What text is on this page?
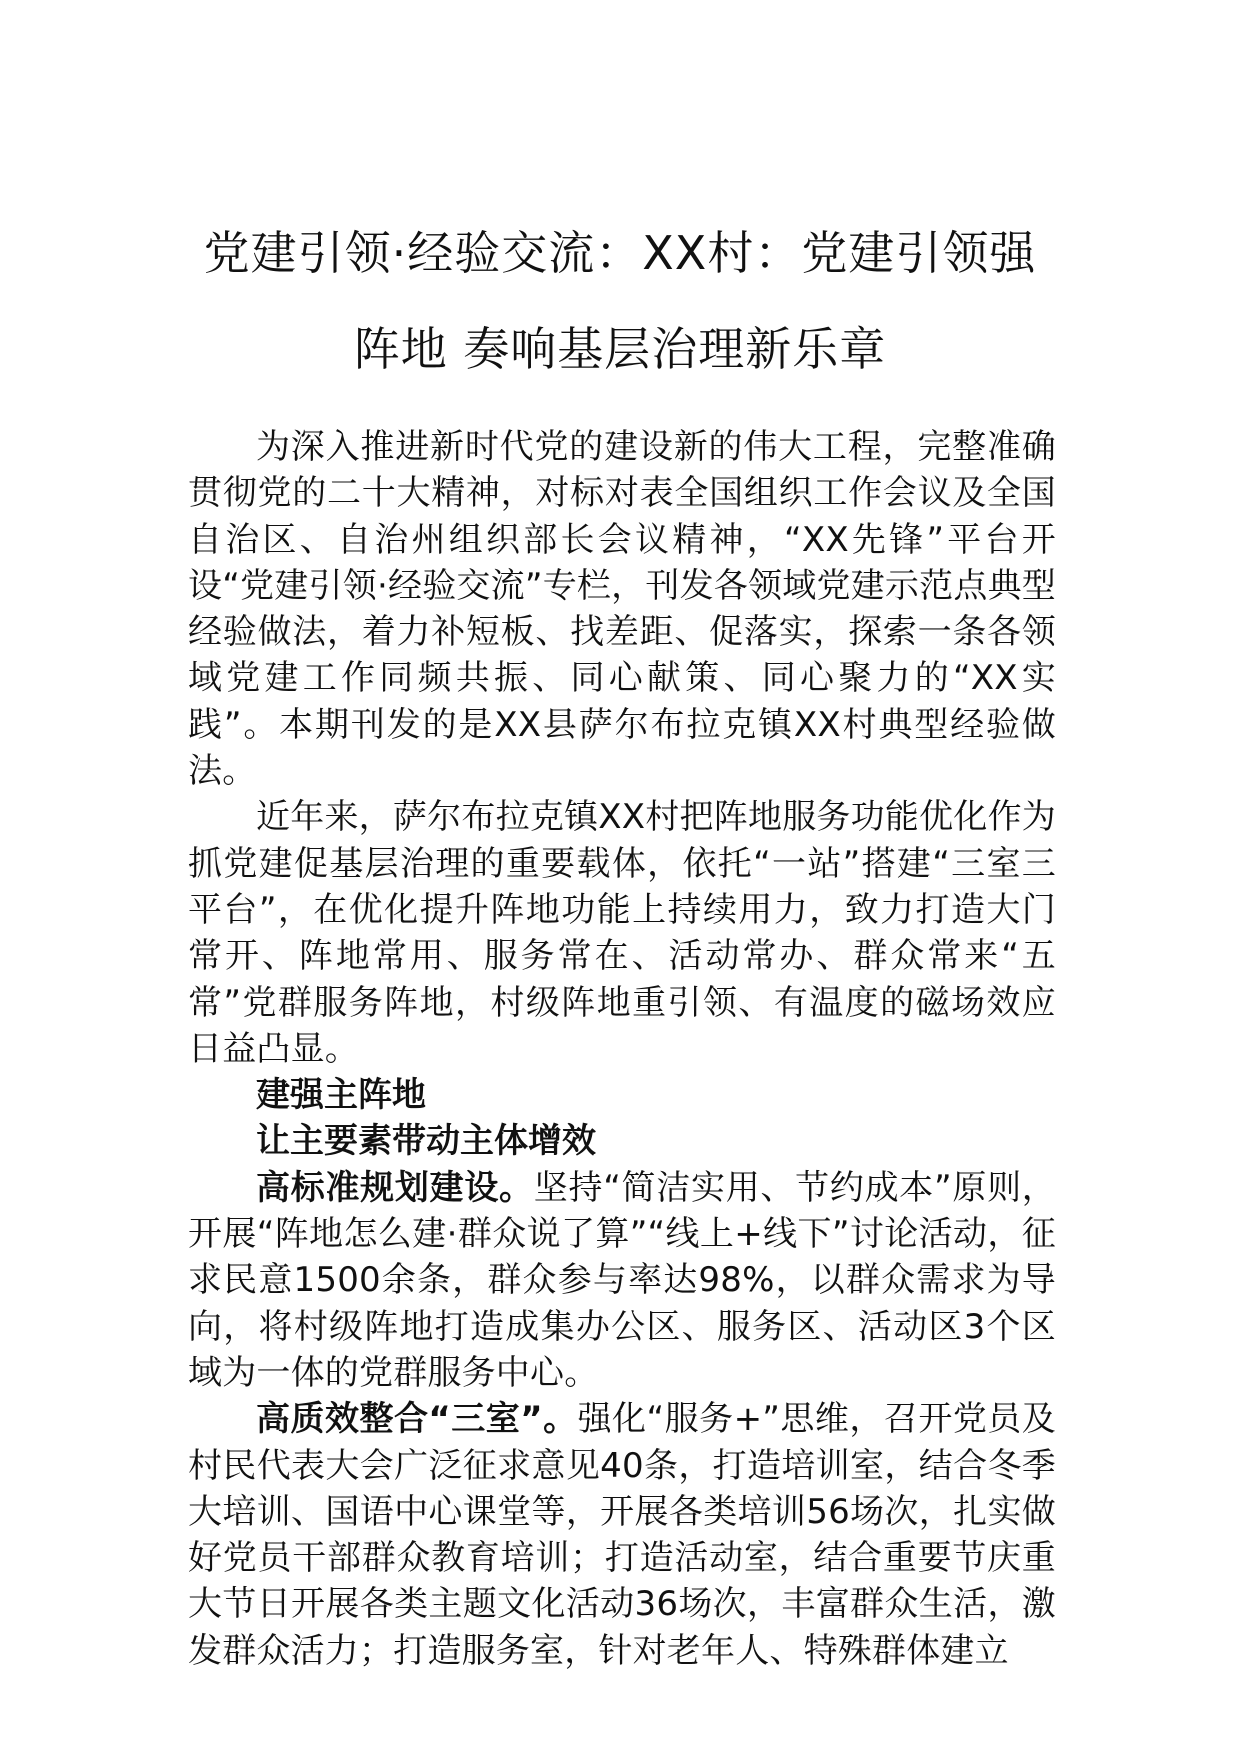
党建引领·经验交流：XX村：党建引领强
阵地 奏响基层治理新乐章

为深入推进新时代党的建设新的伟大工程，完整准确贯彻党的二十大精神，对标对表全国组织工作会议及全国自治区、自治州组织部长会议精神，“XX先锋”平台开设“党建引领·经验交流”专栏，刊发各领域党建示范点典型经验做法，着力补短板、找差距、促落实，探索一条各领域党建工作同频共振、同心献策、同心聚力的“XX实践”。本期刊发的是XX县萨尔布拉克镇XX村典型经验做法。

近年来，萨尔布拉克镇XX村把阵地服务功能优化作为抓党建促基层治理的重要载体，依托“一站”搭建“三室三平台”，在优化提升阵地功能上持续用力，致力打造大门常开、阵地常用、服务常在、活动常办、群众常来“五常”党群服务阵地，村级阵地重引领、有温度的磁场效应日益凸显。

建强主阵地

让主要素带动主体增效

高标准规划建设。坚持“简洁实用、节约成本”原则，开展“阵地怎么建·群众说了算”“线上+线下”讨论活动，征求民意1500余条，群众参与率达98%，以群众需求为导向，将村级阵地打造成集办公区、服务区、活动区3个区域为一体的党群服务中心。

高质效整合“三室”。强化“服务+”思维，召开党员及村民代表大会广泛征求意见40条，打造培训室，结合冬季大培训、国语中心课堂等，开展各类培训56场次，扎实做好党员干部群众教育培训；打造活动室，结合重要节庆重大节日开展各类主题文化活动36场次，丰富群众生活，激发群众活力；打造服务室，针对老年人、特殊群体建立
